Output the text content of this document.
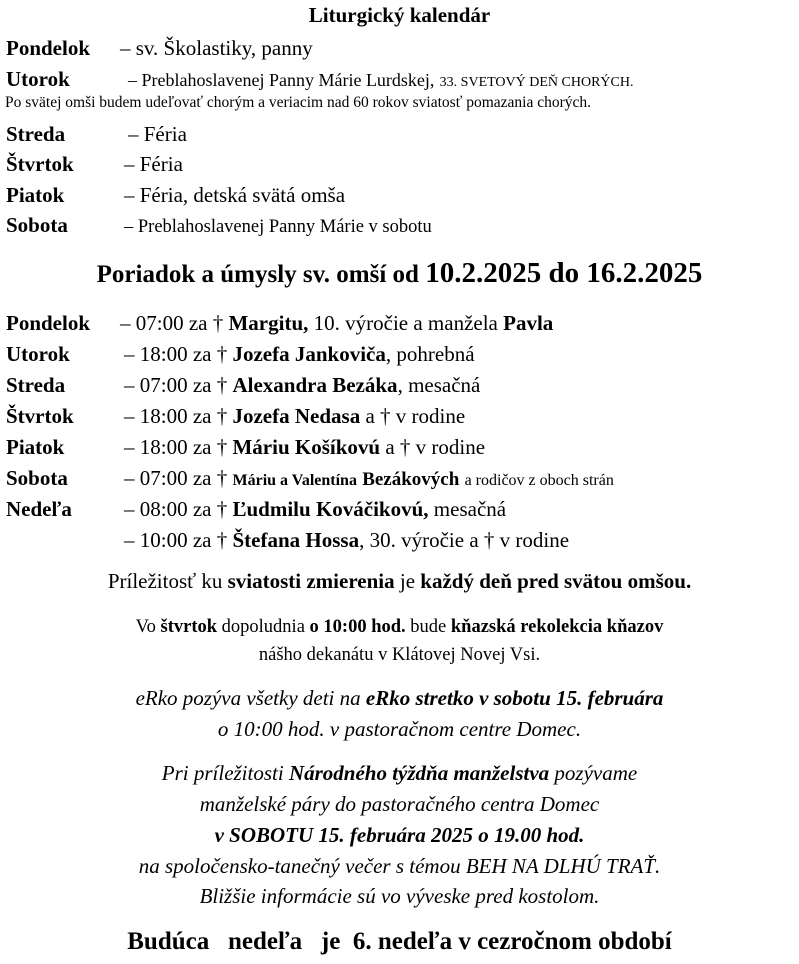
Liturgický kalendár
Pondelok – sv. Školastiky, panny
Utorok	– Preblahoslavenej Panny Márie Lurdskej, 33. SVETOVÝ DEŇ CHORÝCH.
Po svätej omši budem udeľovať chorým a veriacim nad 60 rokov sviatosť pomazania chorých.
Streda	– Féria
Štvrtok – Féria
Piatok	– Féria, detská svätá omša
Sobota	– Preblahoslavenej Panny Márie v sobotu
Poriadok a úmysly sv. omší od 10.2.2025 do 16.2.2025
Pondelok – 07:00 za † Margitu, 10. výročie a manžela Pavla
Utorok	– 18:00 za † Jozefa Jankoviča, pohrebná
Streda	– 07:00 za † Alexandra Bezáka, mesačná
Štvrtok – 18:00 za † Jozefa Nedasa a † v rodine
Piatok	– 18:00 za † Máriu Košíkovú a † v rodine
Sobota	– 07:00 za † Máriu a Valentína Bezákových a rodičov z oboch strán
Nedeľa – 08:00 za † Ľudmilu Kováčikovú, mesačná
– 10:00 za † Štefana Hossa, 30. výročie a † v rodine
Príležitosť ku sviatosti zmierenia je každý deň pred svätou omšou.
Vo štvrtok dopoludnia o 10:00 hod. bude kňazská rekolekcia kňazov
nášho dekanátu v Klátovej Novej Vsi.
eRko pozýva všetky deti na eRko stretko v sobotu 15. februára
o 10:00 hod. v pastoračnom centre Domec.
Pri príležitosti Národného týždňa manželstva pozývame
manželské páry do pastoračného centra Domec
v SOBOTU 15. februára 2025 o 19.00 hod.
na spoločensko-tanečný večer s témou BEH NA DLHÚ TRAŤ.
Bližšie informácie sú vo vývеske pred kostolom.
Budúca   nedeľa   je  6. nedeľa v cezročnom období
